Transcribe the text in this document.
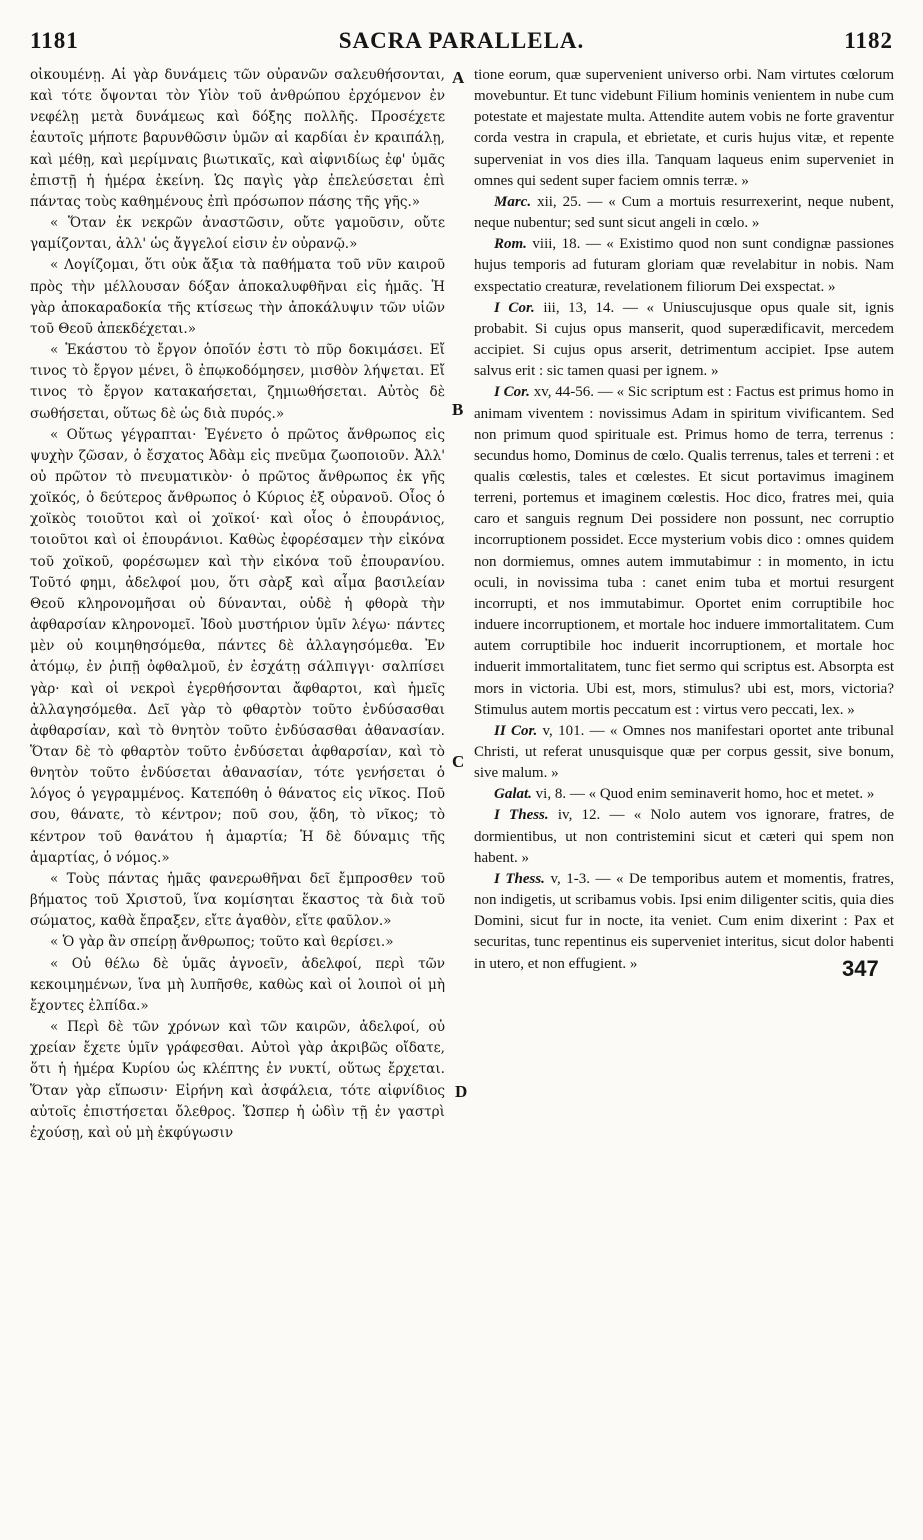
1181	SACRA PARALLELA.	1182

οἰκουμένῃ. Αἱ γὰρ δυνάμεις τῶν οὐρανῶν σαλευθήσονται, καὶ τότε ὄψονται τὸν Υἱὸν τοῦ ἀνθρώπου ἐρχόμενον ἐν νεφέλῃ μετὰ δυνάμεως καὶ δόξης πολλῆς. Προσέχετε ἑαυτοῖς μήποτε βαρυνθῶσιν ὑμῶν αἱ καρδίαι ἐν κραιπάλῃ, καὶ μέθῃ, καὶ μερίμναις βιωτικαῖς, καὶ αἰφνιδίως ἐφ' ὑμᾶς ἐπιστῇ ἡ ἡμέρα ἐκείνη. Ὡς παγὶς γὰρ ἐπελεύσεται ἐπὶ πάντας τοὺς καθημένους ἐπὶ πρόσωπον πάσης τῆς γῆς.»

« Ὅταν ἐκ νεκρῶν ἀναστῶσιν, οὔτε γαμοῦσιν, οὔτε γαμίζονται, ἀλλ' ὡς ἄγγελοί εἰσιν ἐν οὐρανῷ.»

« Λογίζομαι, ὅτι οὐκ ἄξια τὰ παθήματα τοῦ νῦν καιροῦ πρὸς τὴν μέλλουσαν δόξαν ἀποκαλυφθῆναι εἰς ἡμᾶς. Ἡ γὰρ ἀποκαραδοκία τῆς κτίσεως τὴν ἀποκάλυψιν τῶν υἱῶν τοῦ Θεοῦ ἀπεκδέχεται.»

« Ἑκάστου τὸ ἔργον ὁποῖόν ἐστι τὸ πῦρ δοκιμάσει. Εἴ τινος τὸ ἔργον μένει, ὃ ἐπῳκοδόμησεν, μισθὸν λήψεται. Εἴ τινος τὸ ἔργον κατακαήσεται, ζημιωθήσεται. Αὐτὸς δὲ σωθήσεται, οὕτως δὲ ὡς διὰ πυρός.»

« Οὕτως γέγραπται· Ἐγένετο ὁ πρῶτος ἄνθρωπος εἰς ψυχὴν ζῶσαν, ὁ ἔσχατος Ἀδὰμ εἰς πνεῦμα ζωοποιοῦν. Ἀλλ' οὐ πρῶτον τὸ πνευματικὸν· ὁ πρῶτος ἄνθρωπος ἐκ γῆς χοϊκός, ὁ δεύτερος ἄνθρωπος ὁ Κύριος ἐξ οὐρανοῦ. Οἷος ὁ χοϊκὸς τοιοῦτοι καὶ οἱ χοϊκοί· καὶ οἷος ὁ ἐπουράνιος, τοιοῦτοι καὶ οἱ ἐπουράνιοι. Καθὼς ἐφορέσαμεν τὴν εἰκόνα τοῦ χοϊκοῦ, φορέσωμεν καὶ τὴν εἰκόνα τοῦ ἐπουρανίου. Τοῦτό φημι, ἀδελφοί μου, ὅτι σὰρξ καὶ αἷμα βασιλείαν Θεοῦ κληρονομῆσαι οὐ δύνανται, οὐδὲ ἡ φθορὰ τὴν ἀφθαρσίαν κληρονομεῖ. Ἰδοὺ μυστήριον ὑμῖν λέγω· πάντες μὲν οὐ κοιμηθησόμεθα, πάντες δὲ ἀλλαγησόμεθα. Ἐν ἀτόμῳ, ἐν ῥιπῇ ὀφθαλμοῦ, ἐν ἐσχάτῃ σάλπιγγι· σαλπίσει γὰρ· καὶ οἱ νεκροὶ ἐγερθήσονται ἄφθαρτοι, καὶ ἡμεῖς ἀλλαγησόμεθα. Δεῖ γὰρ τὸ φθαρτὸν τοῦτο ἐνδύσασθαι ἀφθαρσίαν, καὶ τὸ θνητὸν τοῦτο ἐνδύσασθαι ἀθανασίαν. Ὅταν δὲ τὸ φθαρτὸν τοῦτο ἐνδύσεται ἀφθαρσίαν, καὶ τὸ θνητὸν τοῦτο ἐνδύσεται ἀθανασίαν, τότε γενήσεται ὁ λόγος ὁ γεγραμμένος. Κατεπόθη ὁ θάνατος εἰς νῖκος. Ποῦ σου, θάνατε, τὸ κέντρον; ποῦ σου, ᾅδη, τὸ νῖκος; τὸ κέντρον τοῦ θανάτου ἡ ἁμαρτία; Ἡ δὲ δύναμις τῆς ἁμαρτίας, ὁ νόμος.»

« Τοὺς πάντας ἡμᾶς φανερωθῆναι δεῖ ἔμπροσθεν τοῦ βήματος τοῦ Χριστοῦ, ἵνα κομίσηται ἕκαστος τὰ διὰ τοῦ σώματος, καθὰ ἔπραξεν, εἴτε ἀγαθὸν, εἴτε φαῦλον.»

« Ὁ γὰρ ἂν σπείρῃ ἄνθρωπος; τοῦτο καὶ θερίσει.»

« Οὐ θέλω δὲ ὑμᾶς ἀγνοεῖν, ἀδελφοί, περὶ τῶν κεκοιμημένων, ἵνα μὴ λυπῆσθε, καθὼς καὶ οἱ λοιποὶ οἱ μὴ ἔχοντες ἐλπίδα.»

« Περὶ δὲ τῶν χρόνων καὶ τῶν καιρῶν, ἀδελφοί, οὐ χρείαν ἔχετε ὑμῖν γράφεσθαι. Αὐτοὶ γὰρ ἀκριβῶς οἴδατε, ὅτι ἡ ἡμέρα Κυρίου ὡς κλέπτης ἐν νυκτί, οὕτως ἔρχεται. Ὅταν γὰρ εἴπωσιν· Εἰρήνη καὶ ἀσφάλεια, τότε αἰφνίδιος αὐτοῖς ἐπιστήσεται ὄλεθρος. Ὥσπερ ἡ ὠδὶν τῇ ἐν γαστρὶ ἐχούσῃ, καὶ οὐ μὴ ἐκφύγωσιν

tione eorum, quæ supervenient universo orbi. Nam virtutes cœlorum movebuntur. Et tunc videbunt Filium hominis venientem in nube cum potestate et majestate multa. Attendite autem vobis ne forte graventur corda vestra in crapula, et ebrietate, et curis hujus vitæ, et repente superveniat in vos dies illa. Tanquam laqueus enim superveniet in omnes qui sedent super faciem omnis terræ. »

Marc. xii, 25. — « Cum a mortuis resurrexerint, neque nubent, neque nubentur; sed sunt sicut angeli in cœlo. »

Rom. viii, 18. — « Existimo quod non sunt condignæ passiones hujus temporis ad futuram gloriam quæ revelabitur in nobis. Nam exspectatio creaturæ, revelationem filiorum Dei exspectat. »

I Cor. iii, 13, 14. — « Uniuscujusque opus quale sit, ignis probabit. Si cujus opus manserit, quod superædificavit, mercedem accipiet. Si cujus opus arserit, detrimentum accipiet. Ipse autem salvus erit : sic tamen quasi per ignem. »

I Cor. xv, 44-56. — « Sic scriptum est : Factus est primus homo in animam viventem : novissimus Adam in spiritum vivificantem. Sed non primum quod spirituale est. Primus homo de terra, terrenus : secundus homo, Dominus de cœlo. Qualis terrenus, tales et terreni : et qualis cœlestis, tales et cœlestes. Et sicut portavimus imaginem terreni, portemus et imaginem cœlestis. Hoc dico, fratres mei, quia caro et sanguis regnum Dei possidere non possunt, nec corruptio incorruptionem possidet. Ecce mysterium vobis dico : omnes quidem non dormiemus, omnes autem immutabimur : in momento, in ictu oculi, in novissima tuba : canet enim tuba et mortui resurgent incorrupti, et nos immutabimur. Oportet enim corruptibile hoc induere incorruptionem, et mortale hoc induere immortalitatem. Cum autem corruptibile hoc induerit incorruptionem, et mortale hoc induerit immortalitatem, tunc fiet sermo qui scriptus est. Absorpta est mors in victoria. Ubi est, mors, stimulus? ubi est, mors, victoria? Stimulus autem mortis peccatum est : virtus vero peccati, lex. »

II Cor. v, 101. — « Omnes nos manifestari oportet ante tribunal Christi, ut referat unusquisque quæ per corpus gessit, sive bonum, sive malum. »

Galat. vi, 8. — « Quod enim seminaverit homo, hoc et metet. »

I Thess. iv, 12. — « Nolo autem vos ignorare, fratres, de dormientibus, ut non contristemini sicut et cæteri qui spem non habent. »

I Thess. v, 1-3. — « De temporibus autem et momentis, fratres, non indigetis, ut scribamus vobis. Ipsi enim diligenter scitis, quia dies Domini, sicut fur in nocte, ita veniet. Cum enim dixerint : Pax et securitas, tunc repentinus eis superveniet interitus, sicut dolor habenti in utero, et non effugient. »

A
B
C
D
347
